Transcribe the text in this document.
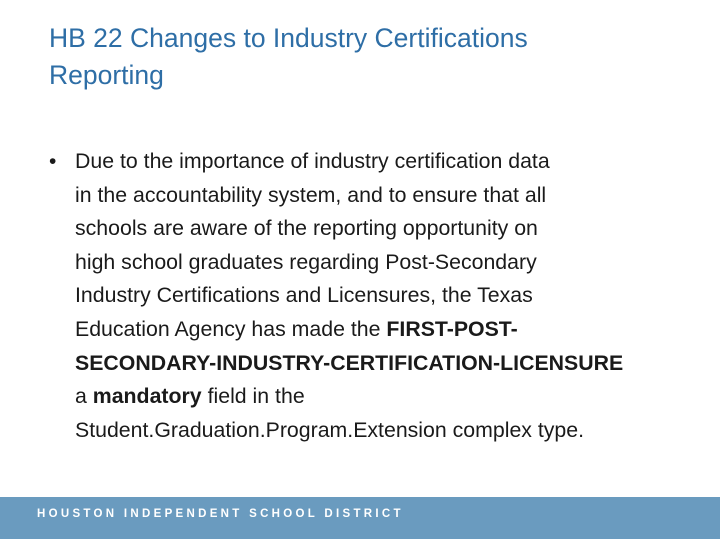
HB 22 Changes to Industry Certifications
Reporting
• Due to the importance of industry certification data
in the accountability system, and to ensure that all
schools are aware of the reporting opportunity on
high school graduates regarding Post-Secondary
Industry Certifications and Licensures, the Texas
Education Agency has made the FIRST-POST-
SECONDARY-INDUSTRY-CERTIFICATION-LICENSURE
a mandatory field in the
Student.Graduation.Program.Extension complex type.
HOUSTON INDEPENDENT SCHOOL DISTRICT
